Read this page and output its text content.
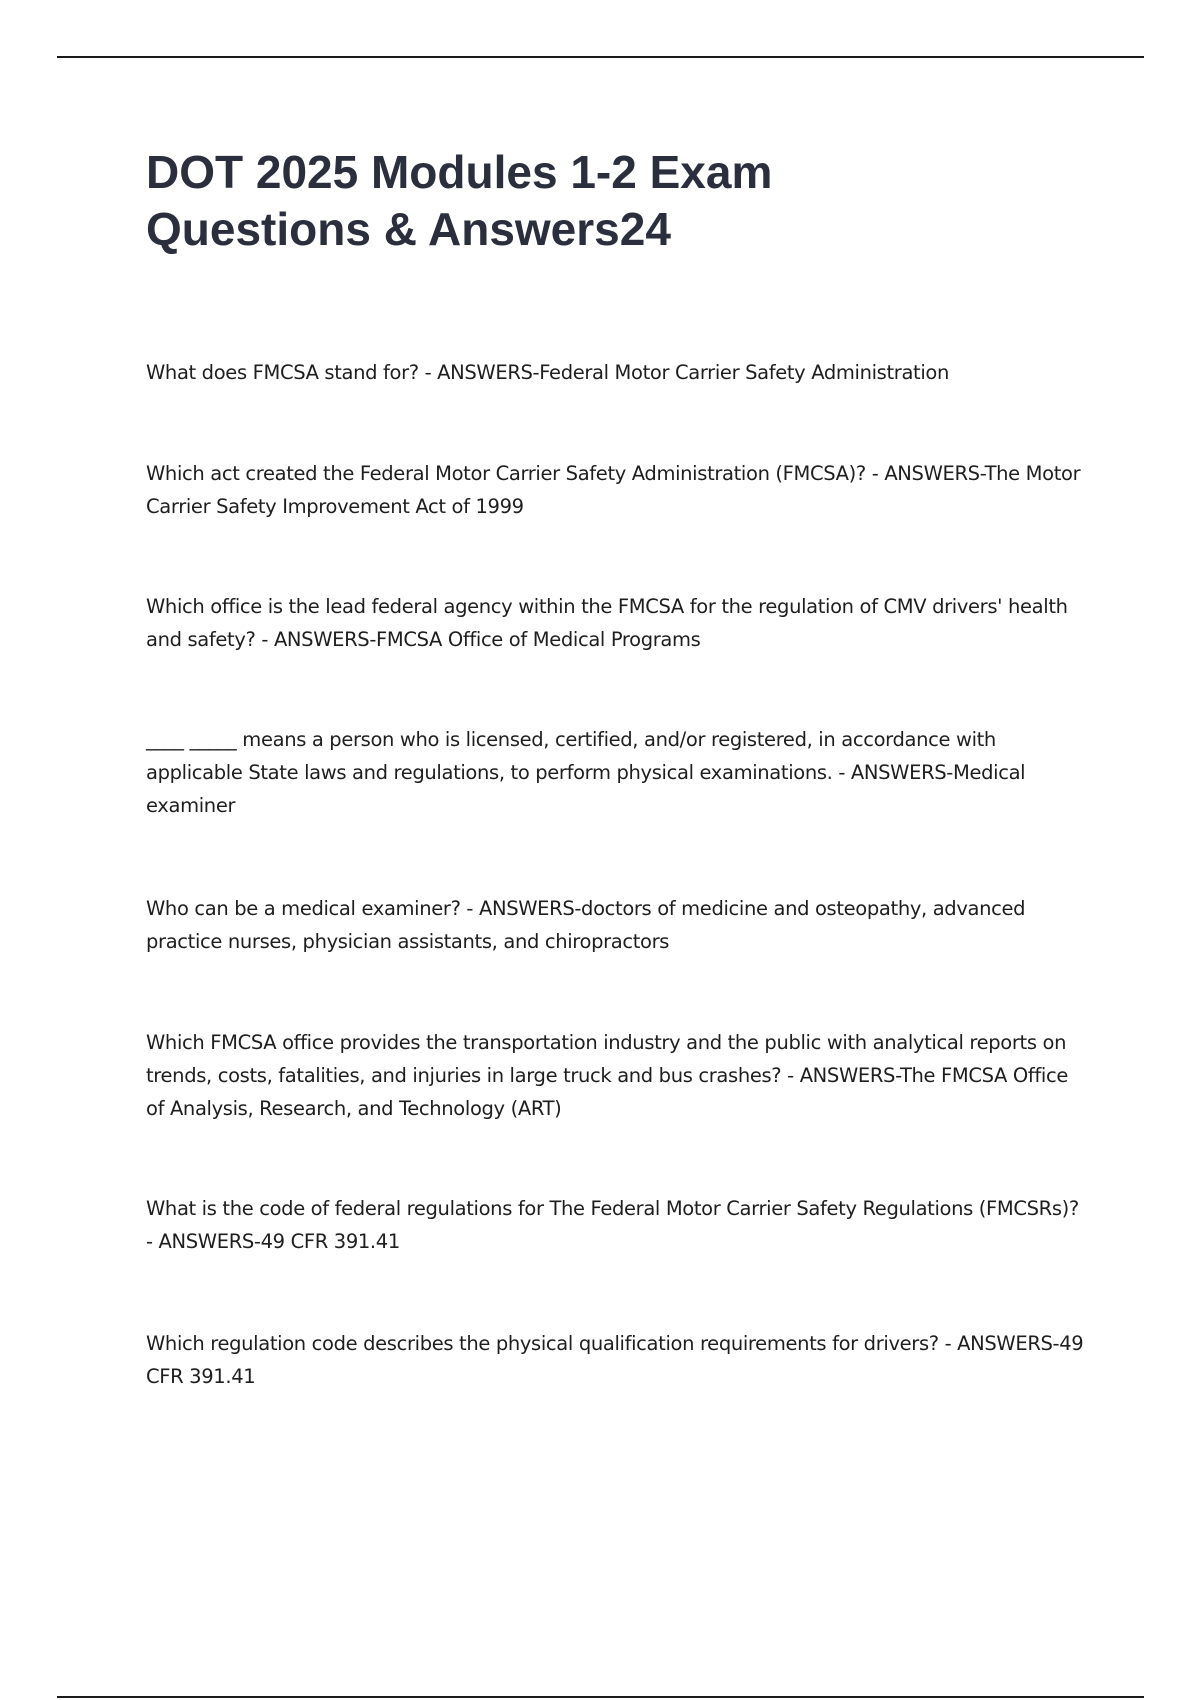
DOT 2025 Modules 1-2 Exam
Questions & Answers24

What does FMCSA stand for? - ANSWERS-Federal Motor Carrier Safety Administration

Which act created the Federal Motor Carrier Safety Administration (FMCSA)? - ANSWERS-The Motor Carrier Safety Improvement Act of 1999

Which office is the lead federal agency within the FMCSA for the regulation of CMV drivers' health and safety? - ANSWERS-FMCSA Office of Medical Programs

____ _____ means a person who is licensed, certified, and/or registered, in accordance with applicable State laws and regulations, to perform physical examinations. - ANSWERS-Medical examiner

Who can be a medical examiner? - ANSWERS-doctors of medicine and osteopathy, advanced practice nurses, physician assistants, and chiropractors

Which FMCSA office provides the transportation industry and the public with analytical reports on trends, costs, fatalities, and injuries in large truck and bus crashes? - ANSWERS-The FMCSA Office of Analysis, Research, and Technology (ART)

What is the code of federal regulations for The Federal Motor Carrier Safety Regulations (FMCSRs)? - ANSWERS-49 CFR 391.41

Which regulation code describes the physical qualification requirements for drivers? - ANSWERS-49 CFR 391.41
